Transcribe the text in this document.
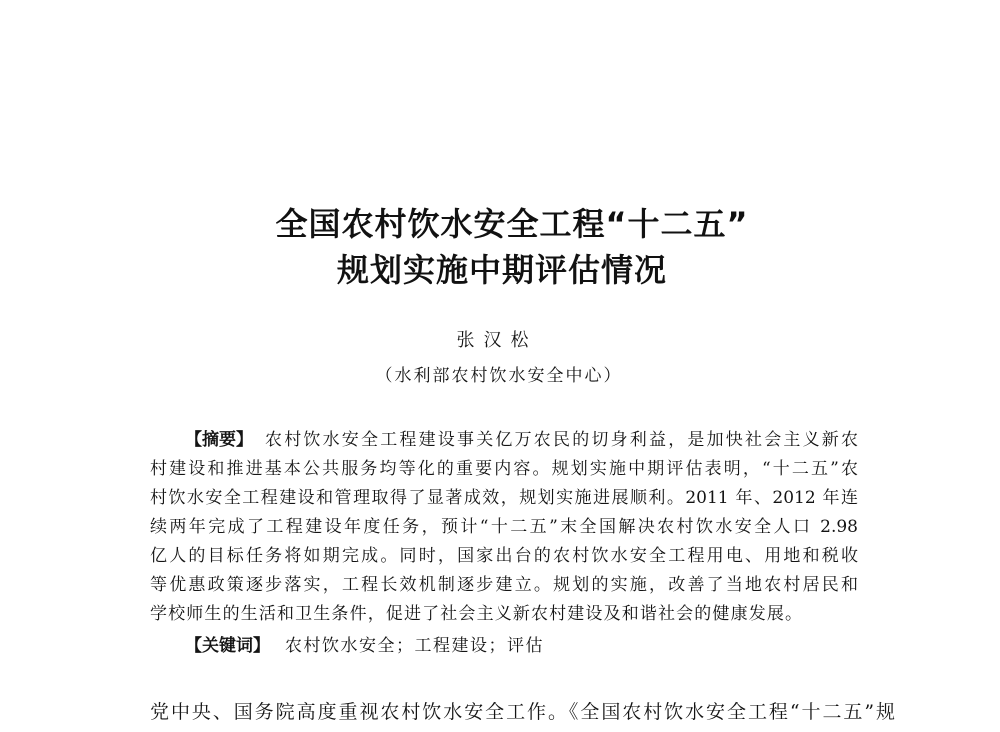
全国农村饮水安全工程“十二五”
规划实施中期评估情况
张汉松
（水利部农村饮水安全中心）
【摘要】 农村饮水安全工程建设事关亿万农民的切身利益，是加快社会主义新农
村建设和推进基本公共服务均等化的重要内容。规划实施中期评估表明，“十二五”农
村饮水安全工程建设和管理取得了显著成效，规划实施进展顺利。2011 年、2012 年连
续两年完成了工程建设年度任务，预计“十二五”末全国解决农村饮水安全人口 2.98
亿人的目标任务将如期完成。同时，国家出台的农村饮水安全工程用电、用地和税收
等优惠政策逐步落实，工程长效机制逐步建立。规划的实施，改善了当地农村居民和
学校师生的生活和卫生条件，促进了社会主义新农村建设及和谐社会的健康发展。
【关键词】 农村饮水安全；工程建设；评估
党中央、国务院高度重视农村饮水安全工作。《全国农村饮水安全工程“十二五”规
